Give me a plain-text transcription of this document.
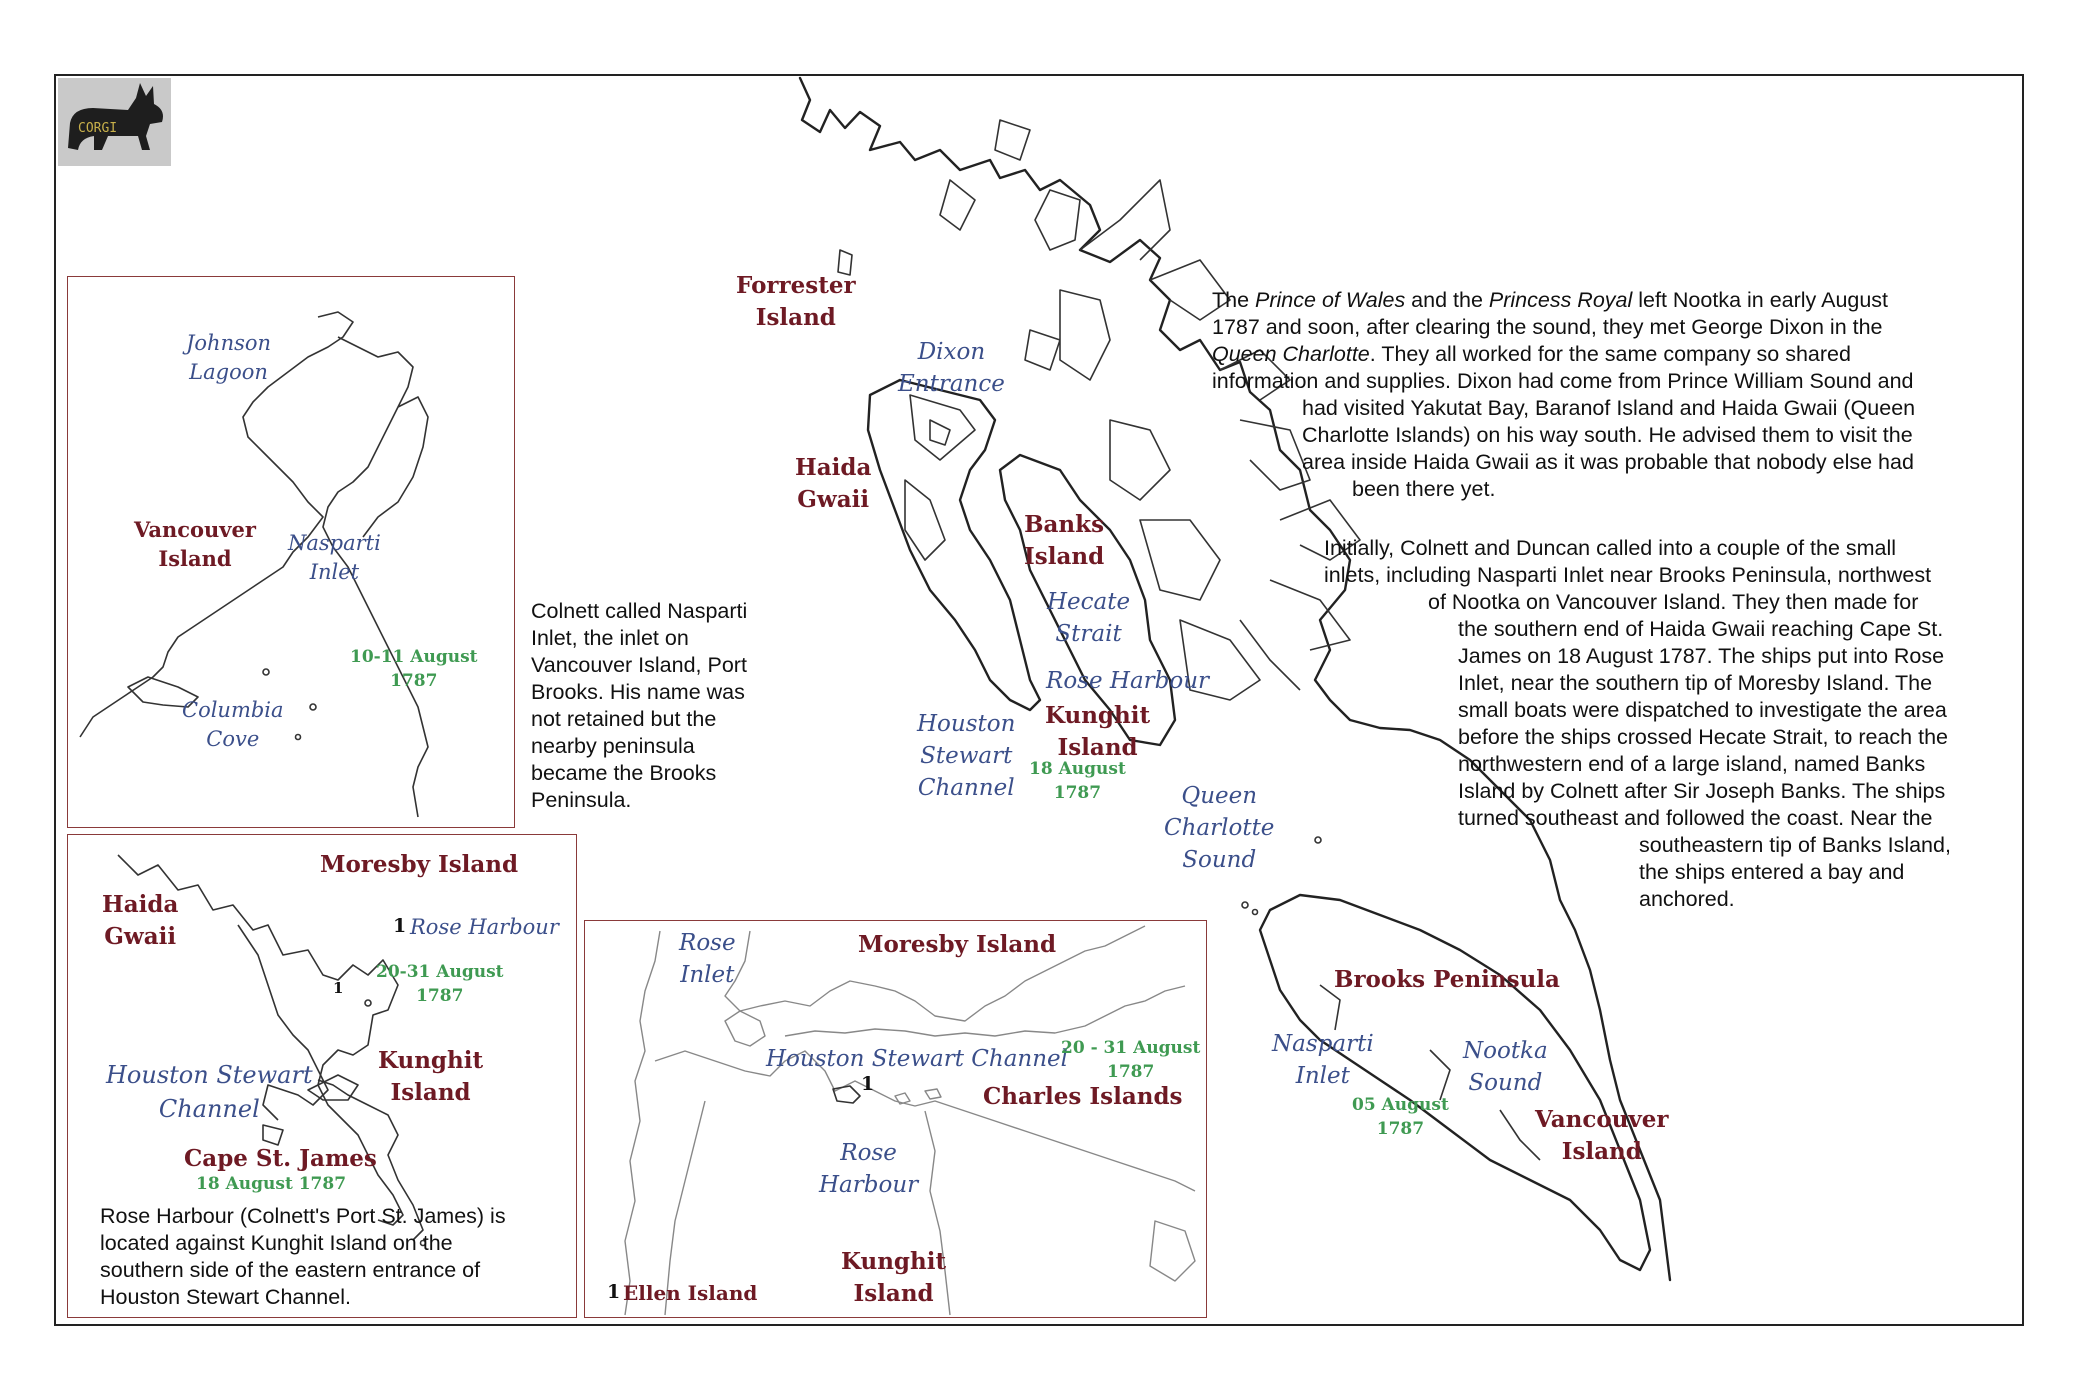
CORGI
Forrester
Island
Dixon
Entrance
Haida
Gwaii
Banks
Island
Hecate
Strait
Rose Harbour
Houston
Stewart
Channel
Kunghit
Island
18 August
1787	Queen
Charlotte
Sound
Brooks Peninsula
Nasparti
Inlet
Nootka
Sound
05 August
1787	Vancouver
Island
The Prince of Wales and the Princess Royal left Nootka in early August
1787 and soon, after clearing the sound, they met George Dixon in the
Queen Charlotte. They all worked for the same company so shared
information and supplies. Dixon had come from Prince William Sound and
had visited Yakutat Bay, Baranof Island and Haida Gwaii (Queen
Charlotte Islands) on his way south. He advised them to visit the
area inside Haida Gwaii as it was probable that nobody else had
been there yet.
Initially, Colnett and Duncan called into a couple of the small
inlets, including Nasparti Inlet near Brooks Peninsula, northwest
of Nootka on Vancouver Island. They then made for
the southern end of Haida Gwaii reaching Cape St.
James on 18 August 1787. The ships put into Rose
Inlet, near the southern tip of Moresby Island. The
small boats were dispatched to investigate the area
before the ships crossed Hecate Strait, to reach the
northwestern end of a large island, named Banks
Island by Colnett after Sir Joseph Banks. The ships
turned southeast and followed the coast. Near the
southeastern tip of Banks Island,
the ships entered a bay and
anchored.
Johnson
Lagoon
Vancouver
Island
Nasparti
Inlet
10-11 August
1787
Columbia
Cove
Colnett called Nasparti
Inlet, the inlet on
Vancouver Island, Port
Brooks. His name was
not retained but the
nearby peninsula
became the Brooks
Peninsula.
Moresby Island
Haida
Gwaii	1 Rose Harbour
20-31 August
1787
1
Houston Stewart
Channel
Kunghit
Island
Cape St. James
18 August 1787
Rose Harbour (Colnett's Port St. James) is
located against Kunghit Island on the
southern side of the eastern entrance of
Houston Stewart Channel.
Rose
Inlet
Moresby Island
Houston Stewart Channel
20 - 31 August
1787
1	Charles Islands
Rose
Harbour
Kunghit
Island
1 Ellen Island
